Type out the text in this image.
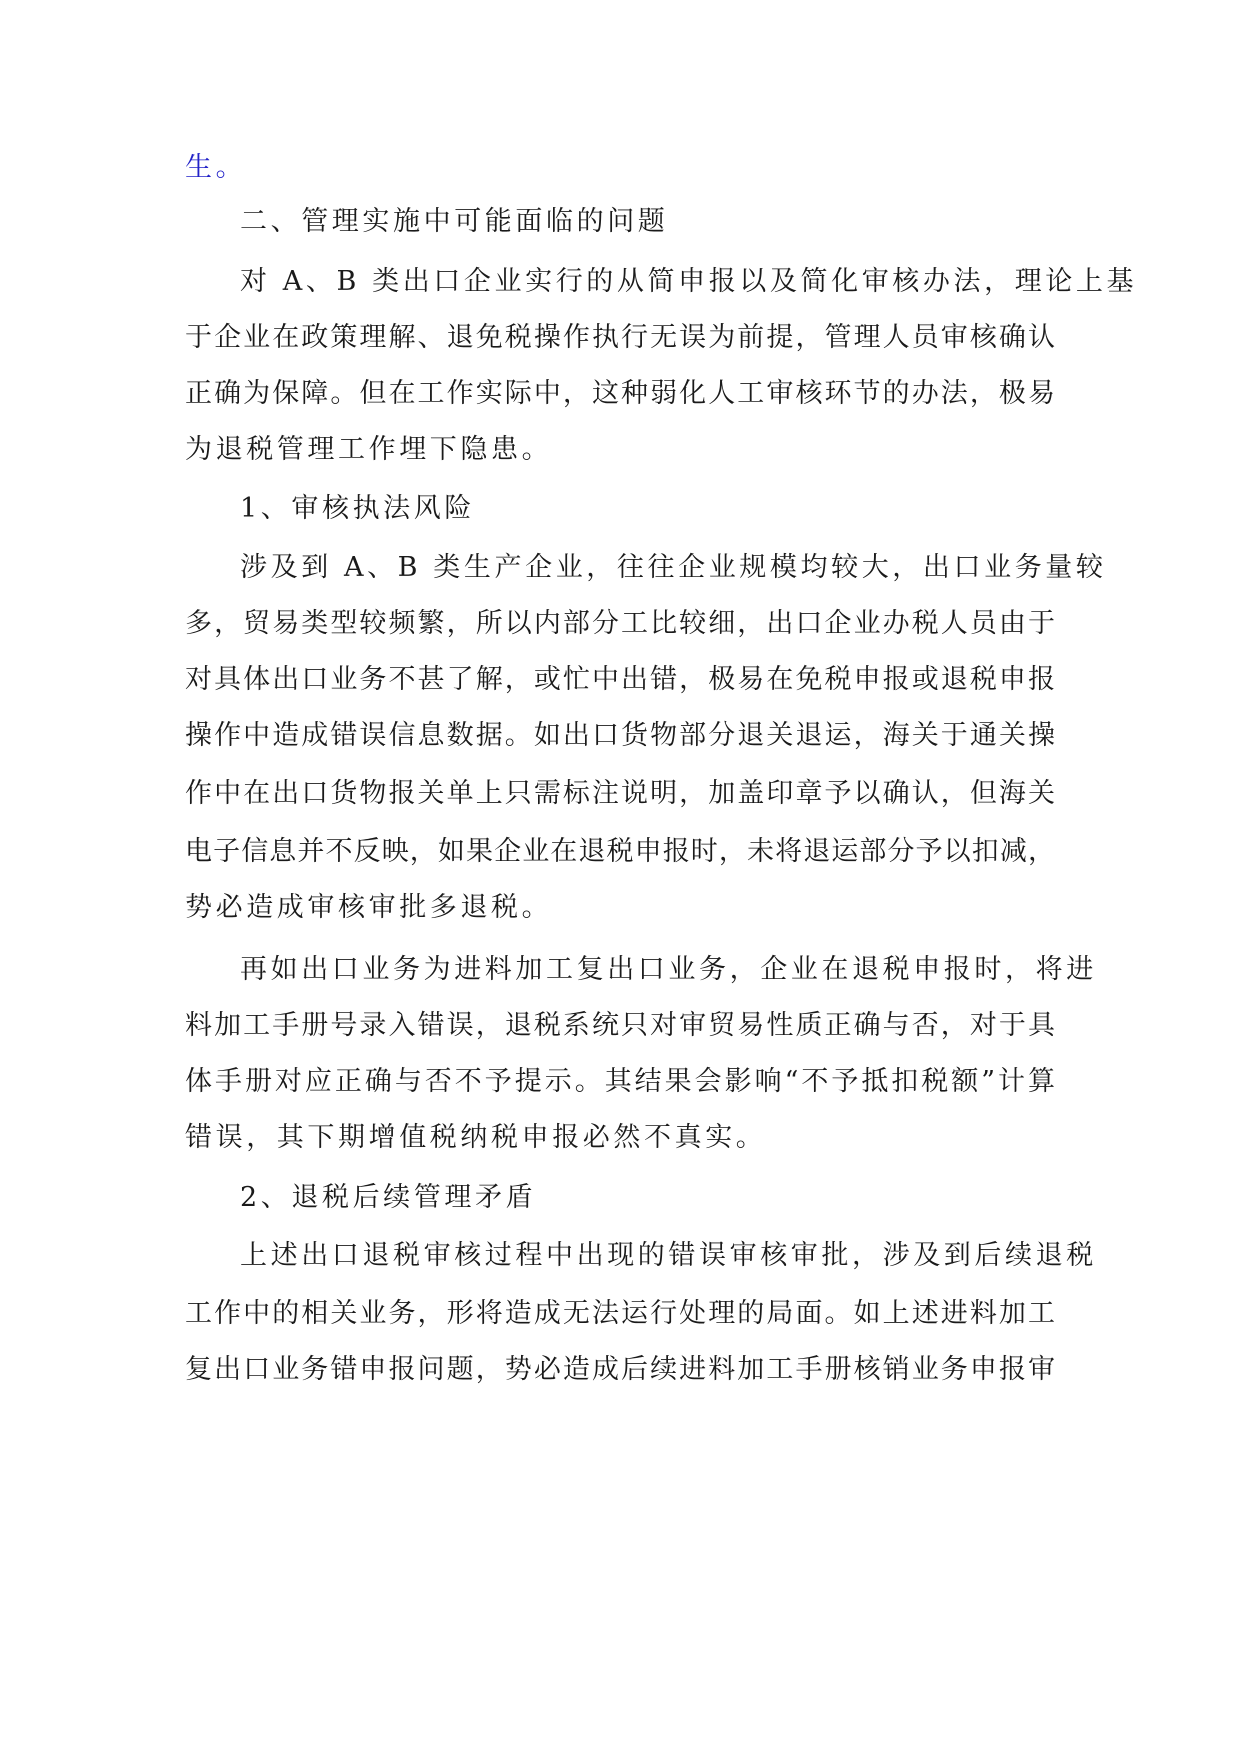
生。
二、管理实施中可能面临的问题
对 A、B 类出口企业实行的从简申报以及简化审核办法，理论上基
于企业在政策理解、退免税操作执行无误为前提，管理人员审核确认
正确为保障。但在工作实际中，这种弱化人工审核环节的办法，极易
为退税管理工作埋下隐患。
1、审核执法风险
涉及到 A、B 类生产企业，往往企业规模均较大，出口业务量较
多，贸易类型较频繁，所以内部分工比较细，出口企业办税人员由于
对具体出口业务不甚了解，或忙中出错，极易在免税申报或退税申报
操作中造成错误信息数据。如出口货物部分退关退运，海关于通关操
作中在出口货物报关单上只需标注说明，加盖印章予以确认，但海关
电子信息并不反映，如果企业在退税申报时，未将退运部分予以扣减，
势必造成审核审批多退税。
再如出口业务为进料加工复出口业务，企业在退税申报时，将进
料加工手册号录入错误，退税系统只对审贸易性质正确与否，对于具
体手册对应正确与否不予提示。其结果会影响“不予抵扣税额”计算
错误，其下期增值税纳税申报必然不真实。
2、退税后续管理矛盾
上述出口退税审核过程中出现的错误审核审批，涉及到后续退税
工作中的相关业务，形将造成无法运行处理的局面。如上述进料加工
复出口业务错申报问题，势必造成后续进料加工手册核销业务申报审
